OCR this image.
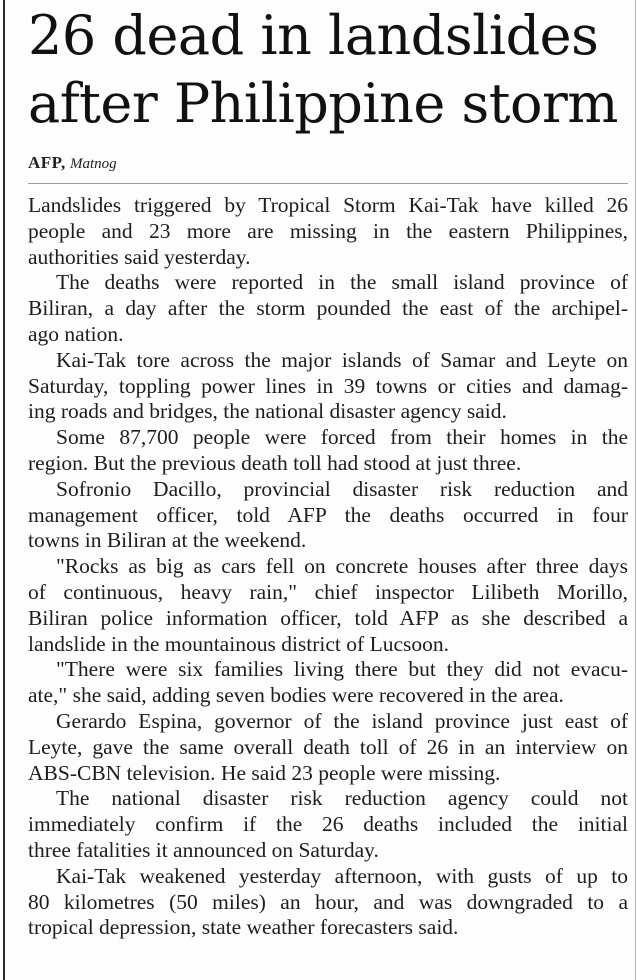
26 dead in landslides
after Philippine storm
AFP, Matnog
Landslides triggered by Tropical Storm Kai-Tak have killed 26
people and 23 more are missing in the eastern Philippines,
authorities said yesterday.
The deaths were reported in the small island province of
Biliran, a day after the storm pounded the east of the archipel-
ago nation.
Kai-Tak tore across the major islands of Samar and Leyte on
Saturday, toppling power lines in 39 towns or cities and damag-
ing roads and bridges, the national disaster agency said.
Some 87,700 people were forced from their homes in the
region. But the previous death toll had stood at just three.
Sofronio Dacillo, provincial disaster risk reduction and
management officer, told AFP the deaths occurred in four
towns in Biliran at the weekend.
"Rocks as big as cars fell on concrete houses after three days
of continuous, heavy rain," chief inspector Lilibeth Morillo,
Biliran police information officer, told AFP as she described a
landslide in the mountainous district of Lucsoon.
"There were six families living there but they did not evacu-
ate," she said, adding seven bodies were recovered in the area.
Gerardo Espina, governor of the island province just east of
Leyte, gave the same overall death toll of 26 in an interview on
ABS-CBN television. He said 23 people were missing.
The national disaster risk reduction agency could not
immediately confirm if the 26 deaths included the initial
three fatalities it announced on Saturday.
Kai-Tak weakened yesterday afternoon, with gusts of up to
80 kilometres (50 miles) an hour, and was downgraded to a
tropical depression, state weather forecasters said.
